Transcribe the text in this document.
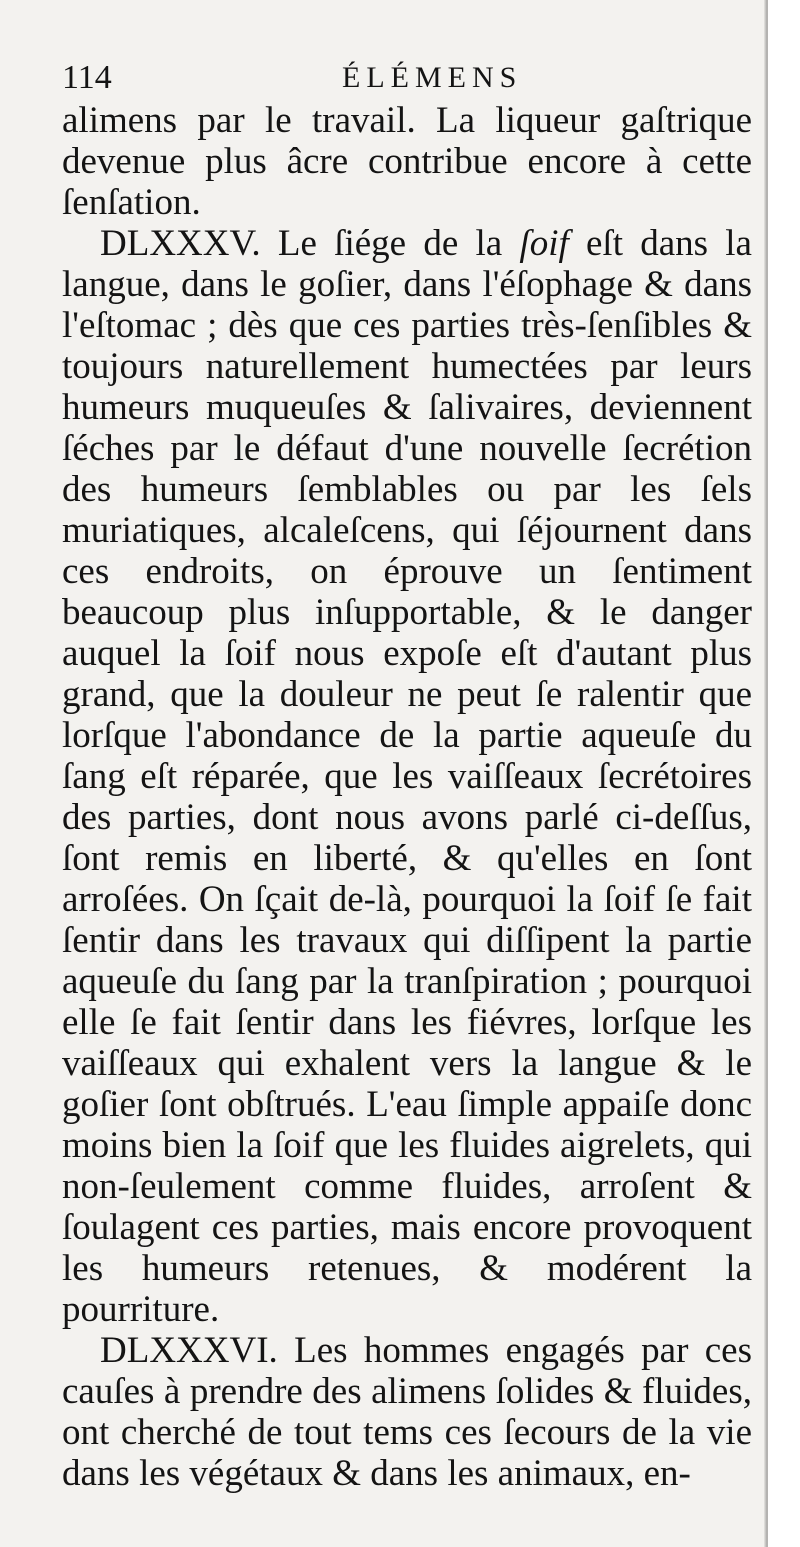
114	ÉLÉMENS

alimens par le travail. La liqueur gaſtrique devenue plus âcre contribue encore à cette ſenſation.

DLXXXV. Le ſiége de la ſoif eſt dans la langue, dans le goſier, dans l'éſophage & dans l'eſtomac ; dès que ces parties très-ſenſibles & toujours naturellement humectées par leurs humeurs muqueuſes & ſalivaires, deviennent ſéches par le défaut d'une nouvelle ſecrétion des humeurs ſemblables ou par les ſels muriatiques, alcaleſcens, qui ſéjournent dans ces endroits, on éprouve un ſentiment beaucoup plus inſupportable, & le danger auquel la ſoif nous expoſe eſt d'autant plus grand, que la douleur ne peut ſe ralentir que lorſque l'abondance de la partie aqueuſe du ſang eſt réparée, que les vaiſſeaux ſecrétoires des parties, dont nous avons parlé ci-deſſus, ſont remis en liberté, & qu'elles en ſont arroſées. On ſçait de-là, pourquoi la ſoif ſe fait ſentir dans les travaux qui diſſipent la partie aqueuſe du ſang par la tranſpiration ; pourquoi elle ſe fait ſentir dans les fiévres, lorſque les vaiſſeaux qui exhalent vers la langue & le goſier ſont obſtrués. L'eau ſimple appaiſe donc moins bien la ſoif que les fluides aigrelets, qui non-ſeulement comme fluides, arroſent & ſoulagent ces parties, mais encore provoquent les humeurs retenues, & modérent la pourriture.

DLXXXVI. Les hommes engagés par ces cauſes à prendre des alimens ſolides & fluides, ont cherché de tout tems ces ſecours de la vie dans les végétaux & dans les animaux, en-
